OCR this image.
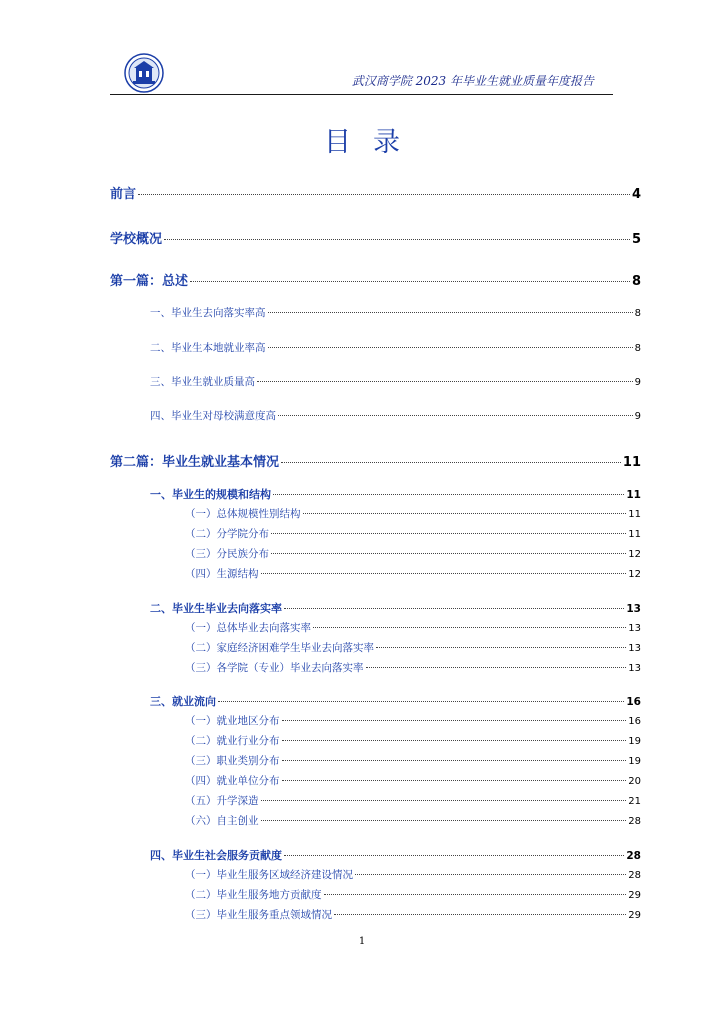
武汉商学院 2023 年毕业生就业质量年度报告
目录
前言	4
学校概况	5
第一篇：总述	8
一、毕业生去向落实率高	8
二、毕业生本地就业率高	8
三、毕业生就业质量高	9
四、毕业生对母校满意度高	9
第二篇：毕业生就业基本情况	11
一、毕业生的规模和结构	11
（一）总体规模性别结构	11
（二）分学院分布	11
（三）分民族分布	12
（四）生源结构	12
二、毕业生毕业去向落实率	13
（一）总体毕业去向落实率	13
（二）家庭经济困难学生毕业去向落实率	13
（三）各学院（专业）毕业去向落实率	13
三、就业流向	16
（一）就业地区分布	16
（二）就业行业分布	19
（三）职业类别分布	19
（四）就业单位分布	20
（五）升学深造	21
（六）自主创业	28
四、毕业生社会服务贡献度	28
（一）毕业生服务区域经济建设情况	28
（二）毕业生服务地方贡献度	29
（三）毕业生服务重点领域情况	29
1
